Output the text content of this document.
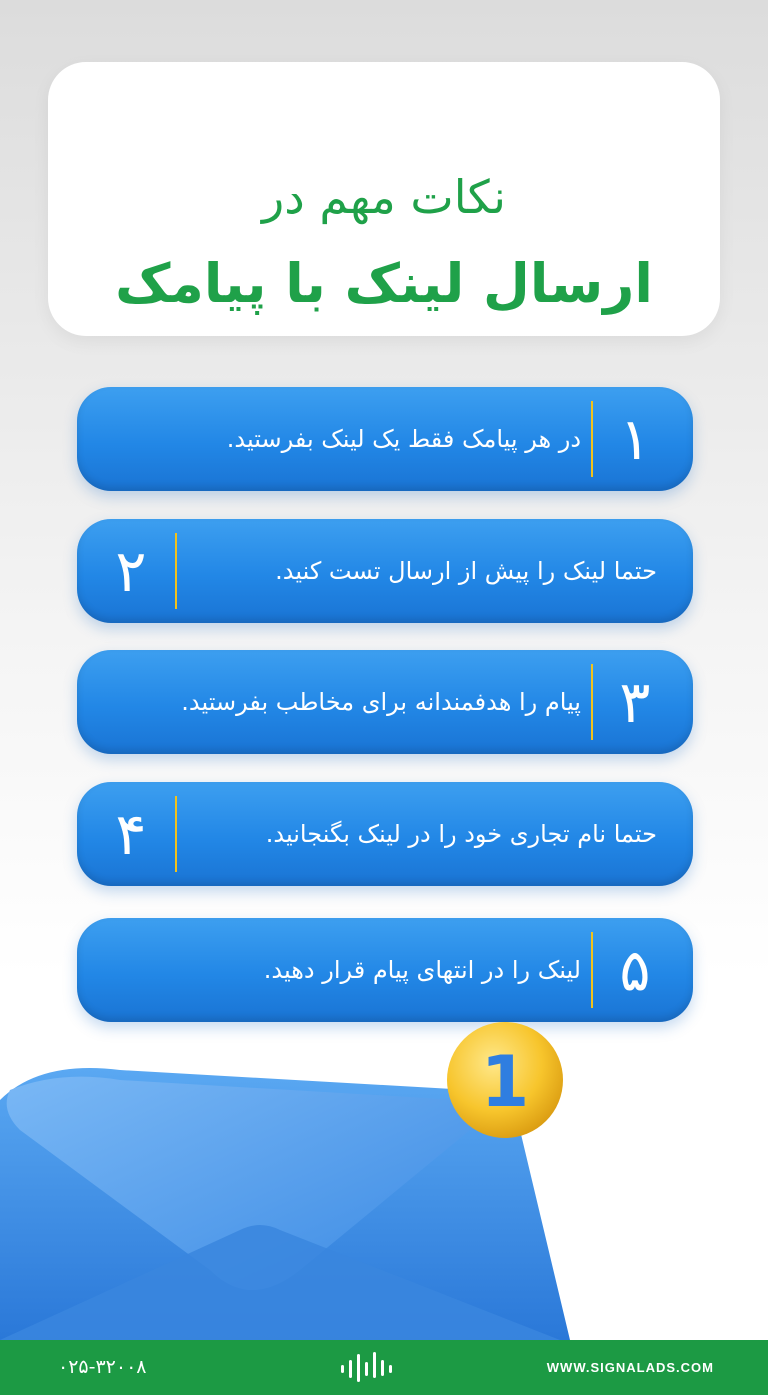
نکات مهم در
ارسال لینک با پیامک
۱
در هر پیامک فقط یک لینک بفرستید.
۲	حتما لینک را پیش از ارسال تست کنید.
۳
پیام را هدفمندانه برای مخاطب بفرستید.
۴	حتما نام تجاری خود را در لینک بگنجانید.
۵
لینک را در انتهای پیام قرار دهید.
1
۰۲۵-۳۲۰۰۸	WWW.SIGNALADS.COM
